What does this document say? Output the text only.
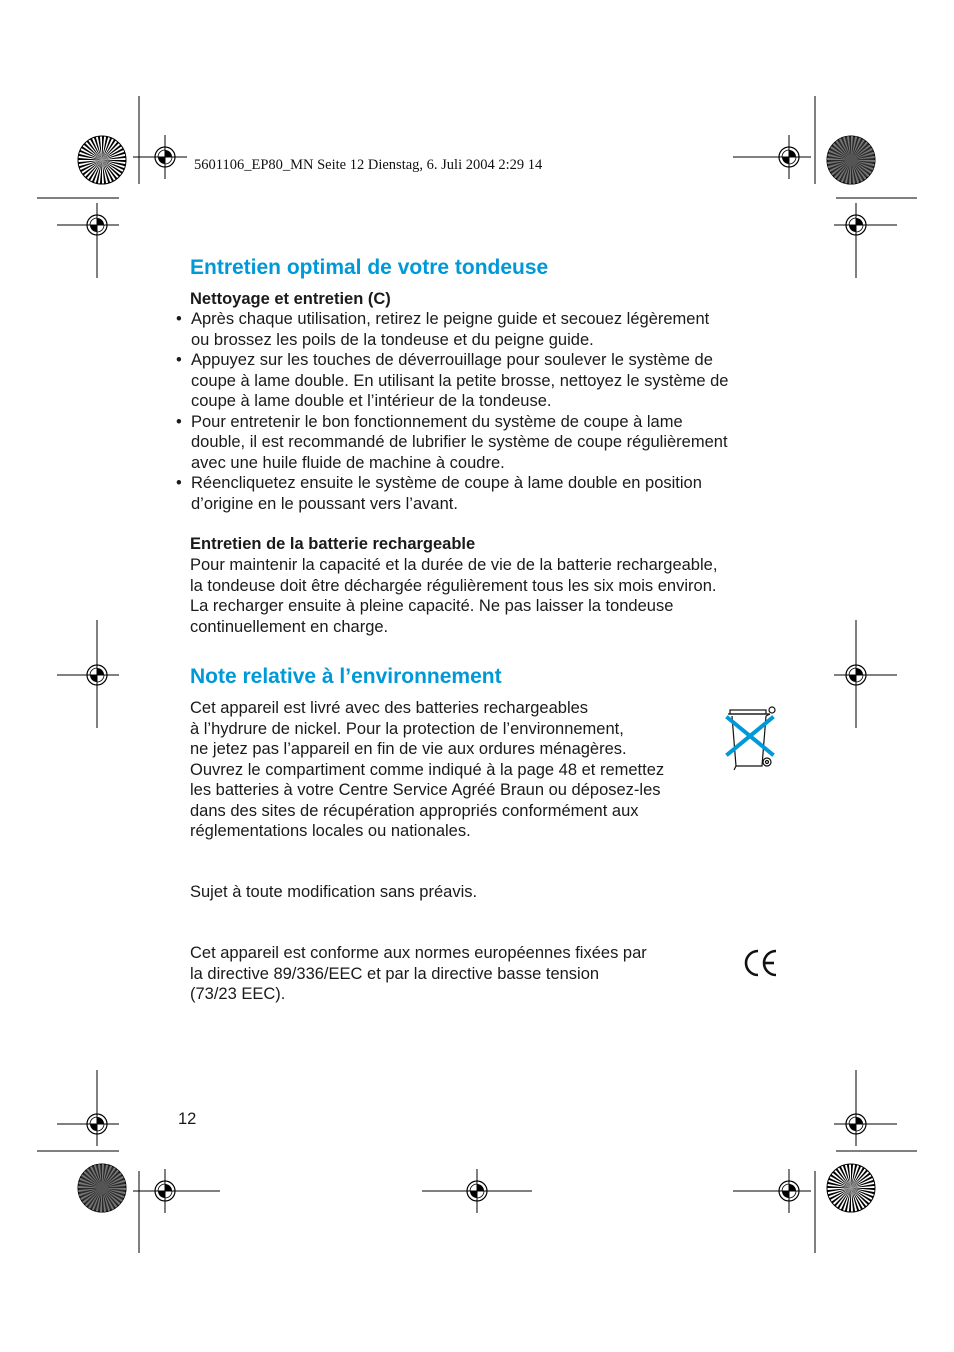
5601106_EP80_MN Seite 12 Dienstag, 6. Juli 2004 2:29 14
Entretien optimal de votre tondeuse
Nettoyage et entretien (C)
• Après chaque utilisation, retirez le peigne guide et secouez légèrement
ou brossez les poils de la tondeuse et du peigne guide.
• Appuyez sur les touches de déverrouillage pour soulever le système de
coupe à lame double. En utilisant la petite brosse, nettoyez le système de
coupe à lame double et l’intérieur de la tondeuse.
• Pour entretenir le bon fonctionnement du système de coupe à lame
double, il est recommandé de lubrifier le système de coupe régulièrement
avec une huile fluide de machine à coudre.
• Réencliquetez ensuite le système de coupe à lame double en position
d’origine en le poussant vers l’avant.
Entretien de la batterie rechargeable
Pour maintenir la capacité et la durée de vie de la batterie rechargeable,
la tondeuse doit être déchargée régulièrement tous les six mois environ.
La recharger ensuite à pleine capacité. Ne pas laisser la tondeuse
continuellement en charge.
Note relative à l’environnement
Cet appareil est livré avec des batteries rechargeables
à l’hydrure de nickel. Pour la protection de l’environnement,
ne jetez pas l’appareil en fin de vie aux ordures ménagères.
Ouvrez le compartiment comme indiqué à la page 48 et remettez
les batteries à votre Centre Service Agréé Braun ou déposez-les
dans des sites de récupération appropriés conformément aux
réglementations locales ou nationales.
Sujet à toute modification sans préavis.
Cet appareil est conforme aux normes européennes fixées par
la directive 89/336/EEC et par la directive basse tension
(73/23 EEC).
12
